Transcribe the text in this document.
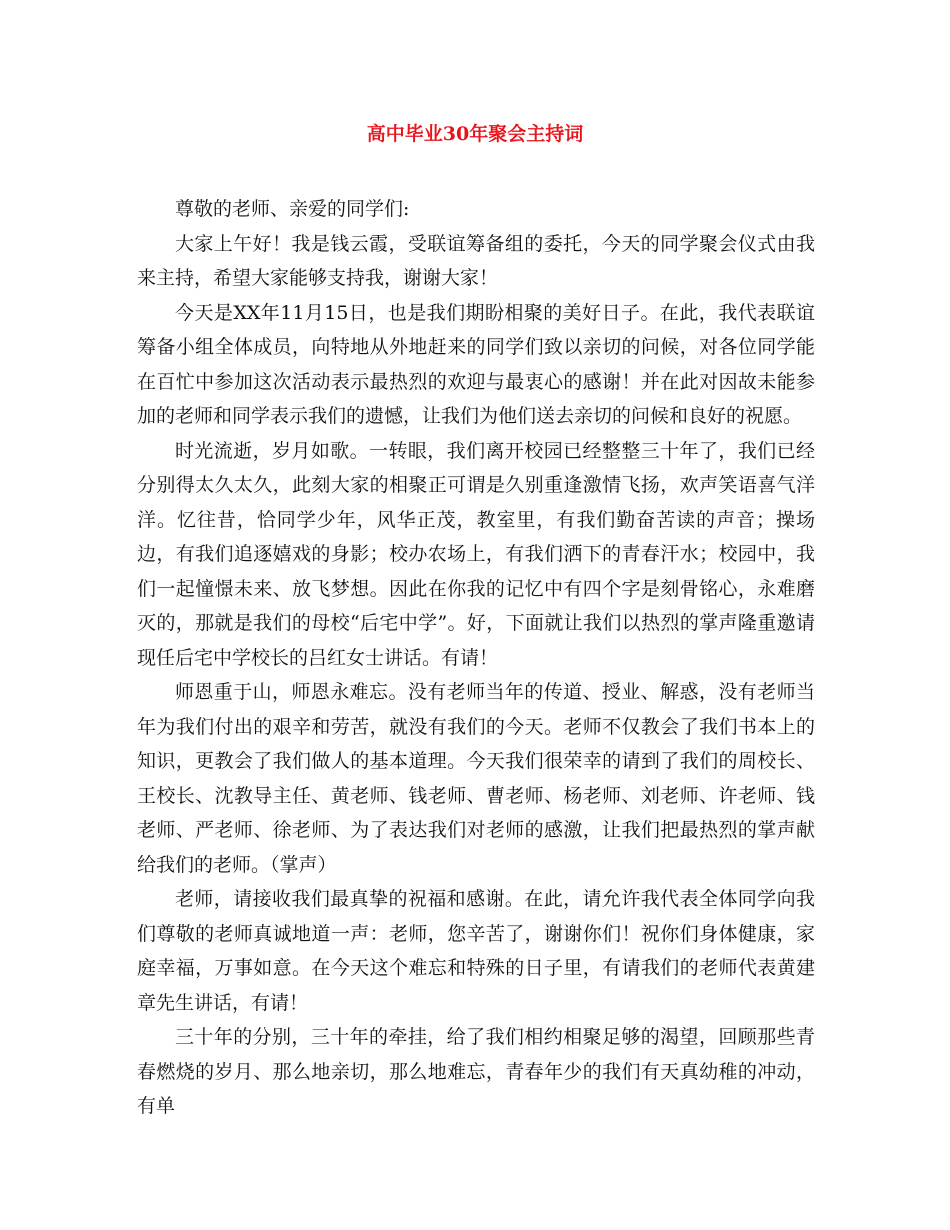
高中毕业30年聚会主持词

尊敬的老师、亲爱的同学们:

大家上午好！我是钱云霞，受联谊筹备组的委托，今天的同学聚会仪式由我来主持，希望大家能够支持我，谢谢大家！

今天是XX年11月15日，也是我们期盼相聚的美好日子。在此，我代表联谊筹备小组全体成员，向特地从外地赶来的同学们致以亲切的问候，对各位同学能在百忙中参加这次活动表示最热烈的欢迎与最衷心的感谢！并在此对因故未能参加的老师和同学表示我们的遗憾，让我们为他们送去亲切的问候和良好的祝愿。

时光流逝，岁月如歌。一转眼，我们离开校园已经整整三十年了，我们已经分别得太久太久，此刻大家的相聚正可谓是久别重逢激情飞扬，欢声笑语喜气洋洋。忆往昔，恰同学少年，风华正茂，教室里，有我们勤奋苦读的声音；操场边，有我们追逐嬉戏的身影；校办农场上，有我们洒下的青春汗水；校园中，我们一起憧憬未来、放飞梦想。因此在你我的记忆中有四个字是刻骨铭心，永难磨灭的，那就是我们的母校“后宅中学”。好，下面就让我们以热烈的掌声隆重邀请现任后宅中学校长的吕红女士讲话。有请！

师恩重于山，师恩永难忘。没有老师当年的传道、授业、解惑，没有老师当年为我们付出的艰辛和劳苦，就没有我们的今天。老师不仅教会了我们书本上的知识，更教会了我们做人的基本道理。今天我们很荣幸的请到了我们的周校长、王校长、沈教导主任、黄老师、钱老师、曹老师、杨老师、刘老师、许老师、钱老师、严老师、徐老师、为了表达我们对老师的感激，让我们把最热烈的掌声献给我们的老师。（掌声）

老师，请接收我们最真挚的祝福和感谢。在此，请允许我代表全体同学向我们尊敬的老师真诚地道一声：老师，您辛苦了，谢谢你们！祝你们身体健康，家庭幸福，万事如意。在今天这个难忘和特殊的日子里，有请我们的老师代表黄建章先生讲话，有请！

三十年的分别，三十年的牵挂，给了我们相约相聚足够的渴望，回顾那些青春燃烧的岁月、那么地亲切，那么地难忘，青春年少的我们有天真幼稚的冲动，有单
